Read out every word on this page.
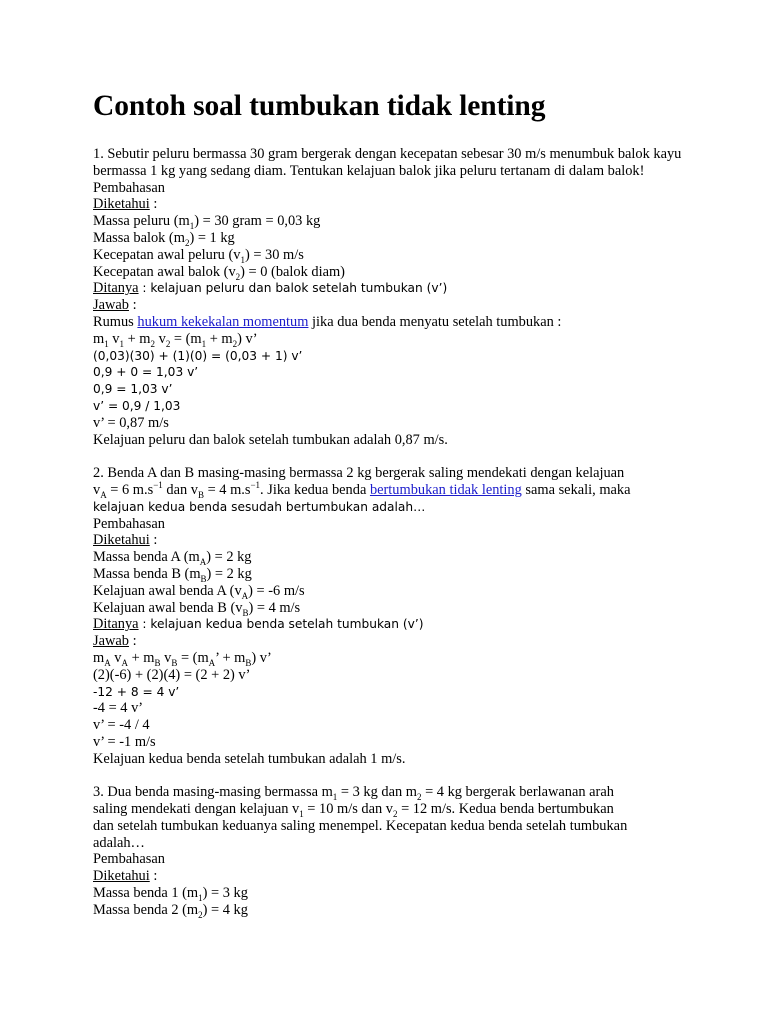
Contoh soal tumbukan tidak lenting
1. Sebutir peluru bermassa 30 gram bergerak dengan kecepatan sebesar 30 m/s menumbuk balok kayu bermassa 1 kg yang sedang diam. Tentukan kelajuan balok jika peluru tertanam di dalam balok!
Pembahasan
Diketahui :
Massa peluru $(m_1) = 30$ gram = 0,03 kg
Massa balok $(m_2) = 1$ kg
Kecepatan awal peluru $(v_1) = 30$ m/s
Kecepatan awal balok $(v_2) = 0$ (balok diam)
Ditanya : kelajuan peluru dan balok setelah tumbukan (v’)
Jawab :
Rumus hukum kekekalan momentum jika dua benda menyatu setelah tumbukan :
$m_1$ $v_1 + m_2$ $v_2 = (m_1 + m_2)$ v’
(0,03)(30) + (1)(0) = (0,03 + 1) v’
0,9 + 0 = 1,03 v’
0,9 = 1,03 v’
v’ = 0,9 / 1,03
v’ = 0,87 m/s
Kelajuan peluru dan balok setelah tumbukan adalah 0,87 m/s.
2. Benda A dan B masing-masing bermassa 2 kg bergerak saling mendekati dengan kelajuan
$v_A = 6$ $m.s^{-1}$ dan $v_B = 4$ $m.s^{-1}$. Jika kedua benda bertumbukan tidak lenting sama sekali, maka
kelajuan kedua benda sesudah bertumbukan adalah…
Pembahasan
Diketahui :
Massa benda A $(m_A) = 2$ kg
Massa benda B $(m_B) = 2$ kg
Kelajuan awal benda A $(v_A) = -6$ m/s
Kelajuan awal benda B $(v_B) = 4$ m/s
Ditanya : kelajuan kedua benda setelah tumbukan (v’)
Jawab :
$m_A$ $v_A + m_B$ $v_B = (m_A$’ + $m_B$) v’
(2)(-6) + (2)(4) = (2 + 2) v’
-12 + 8 = 4 v’
-4 = 4 v’
v’ = -4 / 4
v’ = -1 m/s
Kelajuan kedua benda setelah tumbukan adalah 1 m/s.
3. Dua benda masing-masing bermassa $m_1 = 3$ kg dan $m_2 = 4$ kg bergerak berlawanan arah
saling mendekati dengan kelajuan $v_1 = 10$ m/s dan $v_2 = 12$ m/s. Kedua benda bertumbukan
dan setelah tumbukan keduanya saling menempel. Kecepatan kedua benda setelah tumbukan
adalah…
Pembahasan
Diketahui :
Massa benda 1 $(m_1) = 3$ kg
Massa benda 2 $(m_2) = 4$ kg
